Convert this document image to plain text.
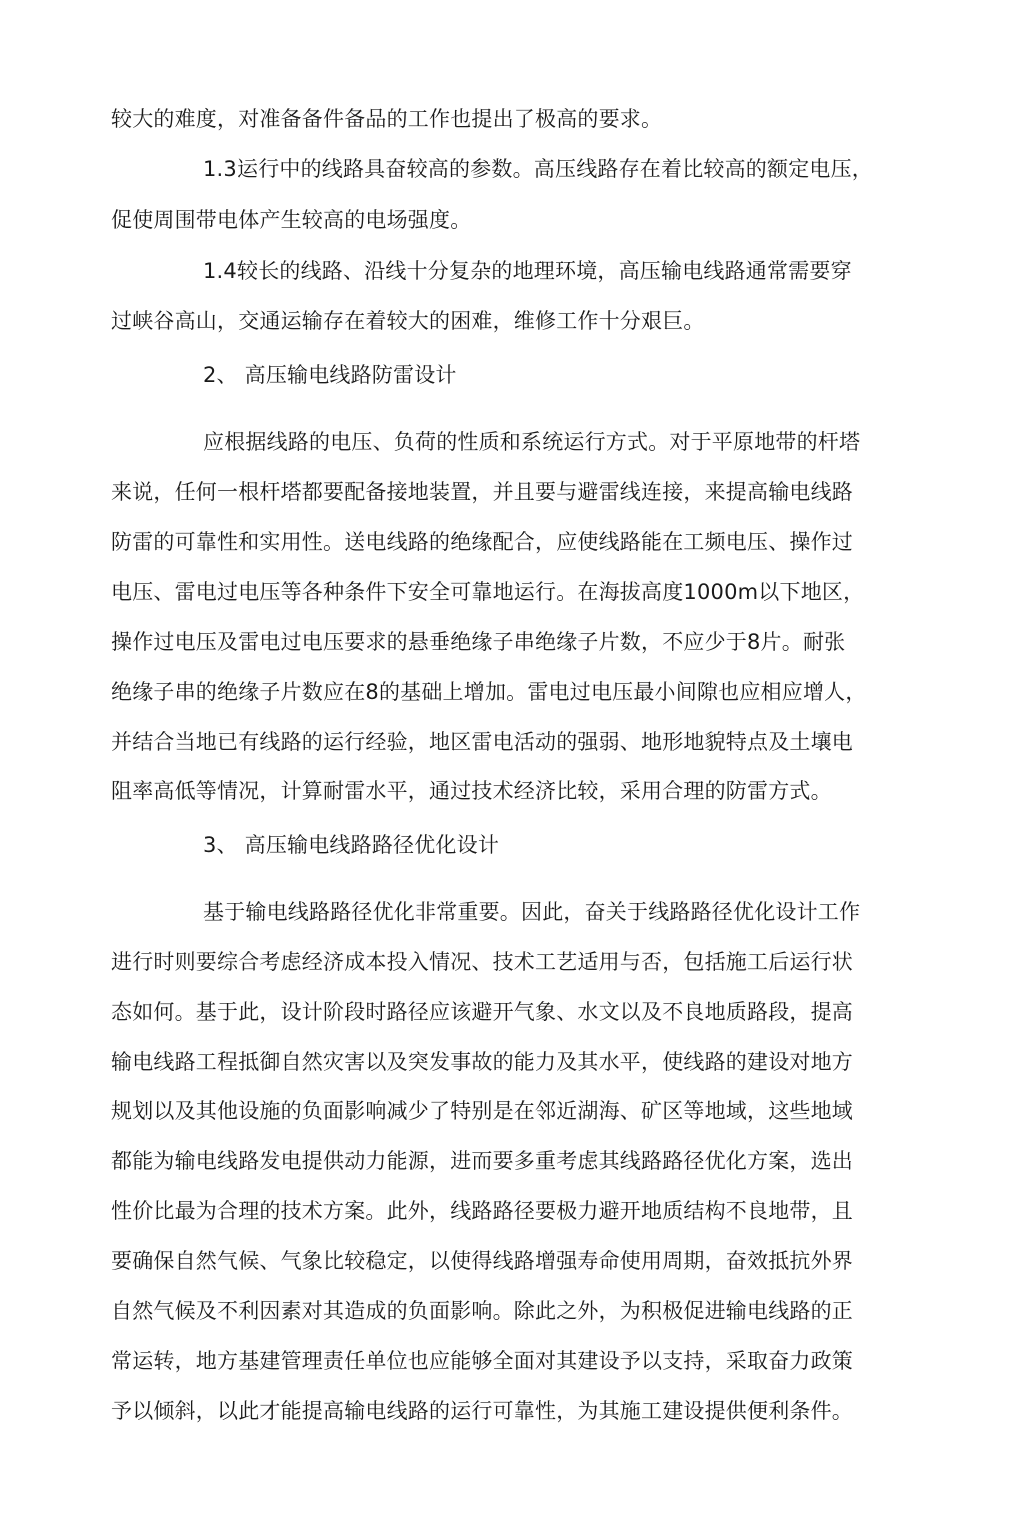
较大的难度，对准备备件备品的工作也提出了极高的要求。
1.3运行中的线路具奋较高的参数。高压线路存在着比较高的额定电压，
促使周围带电体产生较高的电场强度。
1.4较长的线路、沿线十分复杂的地理环境，高压输电线路通常需要穿
过峡谷高山，交通运输存在着较大的困难，维修工作十分艰巨。
2、 高压输电线路防雷设计
应根据线路的电压、负荷的性质和系统运行方式。对于平原地带的杆塔
来说，任何一根杆塔都要配备接地装置，并且要与避雷线连接，来提高输电线路
防雷的可靠性和实用性。送电线路的绝缘配合，应使线路能在工频电压、操作过
电压、雷电过电压等各种条件下安全可靠地运行。在海拔高度1000m以下地区，
操作过电压及雷电过电压要求的悬垂绝缘子串绝缘子片数，不应少于8片。耐张
绝缘子串的绝缘子片数应在8的基础上增加。雷电过电压最小间隙也应相应增人，
并结合当地已有线路的运行经验，地区雷电活动的强弱、地形地貌特点及土壤电
阻率高低等情况，计算耐雷水平，通过技术经济比较，采用合理的防雷方式。
3、 高压输电线路路径优化设计
基于输电线路路径优化非常重要。因此，奋关于线路路径优化设计工作
进行时则要综合考虑经济成本投入情况、技术工艺适用与否，包括施工后运行状
态如何。基于此，设计阶段时路径应该避开气象、水文以及不良地质路段，提高
输电线路工程抵御自然灾害以及突发事故的能力及其水平，使线路的建设对地方
规划以及其他设施的负面影响减少了特别是在邻近湖海、矿区等地域，这些地域
都能为输电线路发电提供动力能源，进而要多重考虑其线路路径优化方案，选出
性价比最为合理的技术方案。此外，线路路径要极力避开地质结构不良地带，且
要确保自然气候、气象比较稳定，以使得线路增强寿命使用周期，奋效抵抗外界
自然气候及不利因素对其造成的负面影响。除此之外，为积极促进输电线路的正
常运转，地方基建管理责任单位也应能够全面对其建设予以支持，采取奋力政策
予以倾斜，以此才能提高输电线路的运行可靠性，为其施工建设提供便利条件。
